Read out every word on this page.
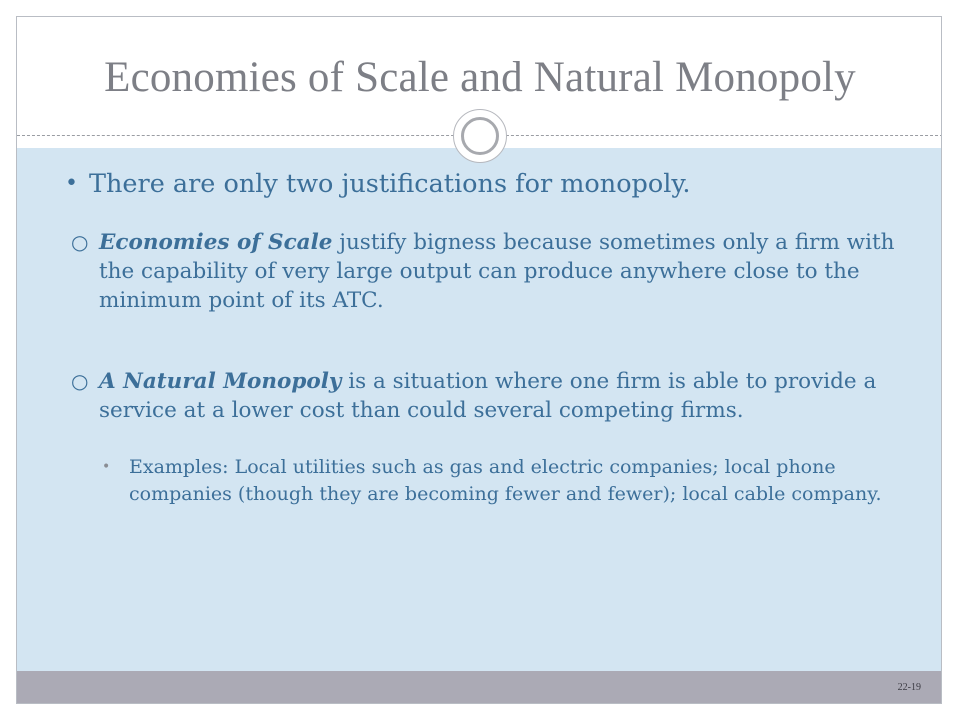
Economies of Scale and Natural Monopoly
22-19
• There are only two justifications for monopoly.
○ Economies of Scale justify bigness because sometimes only a firm with the capability of very large output can produce anywhere close to the minimum point of its ATC.
○ A Natural Monopoly is a situation where one firm is able to provide a service at a lower cost than could several competing firms.
• Examples: Local utilities such as gas and electric companies; local phone companies (though they are becoming fewer and fewer); local cable company.
